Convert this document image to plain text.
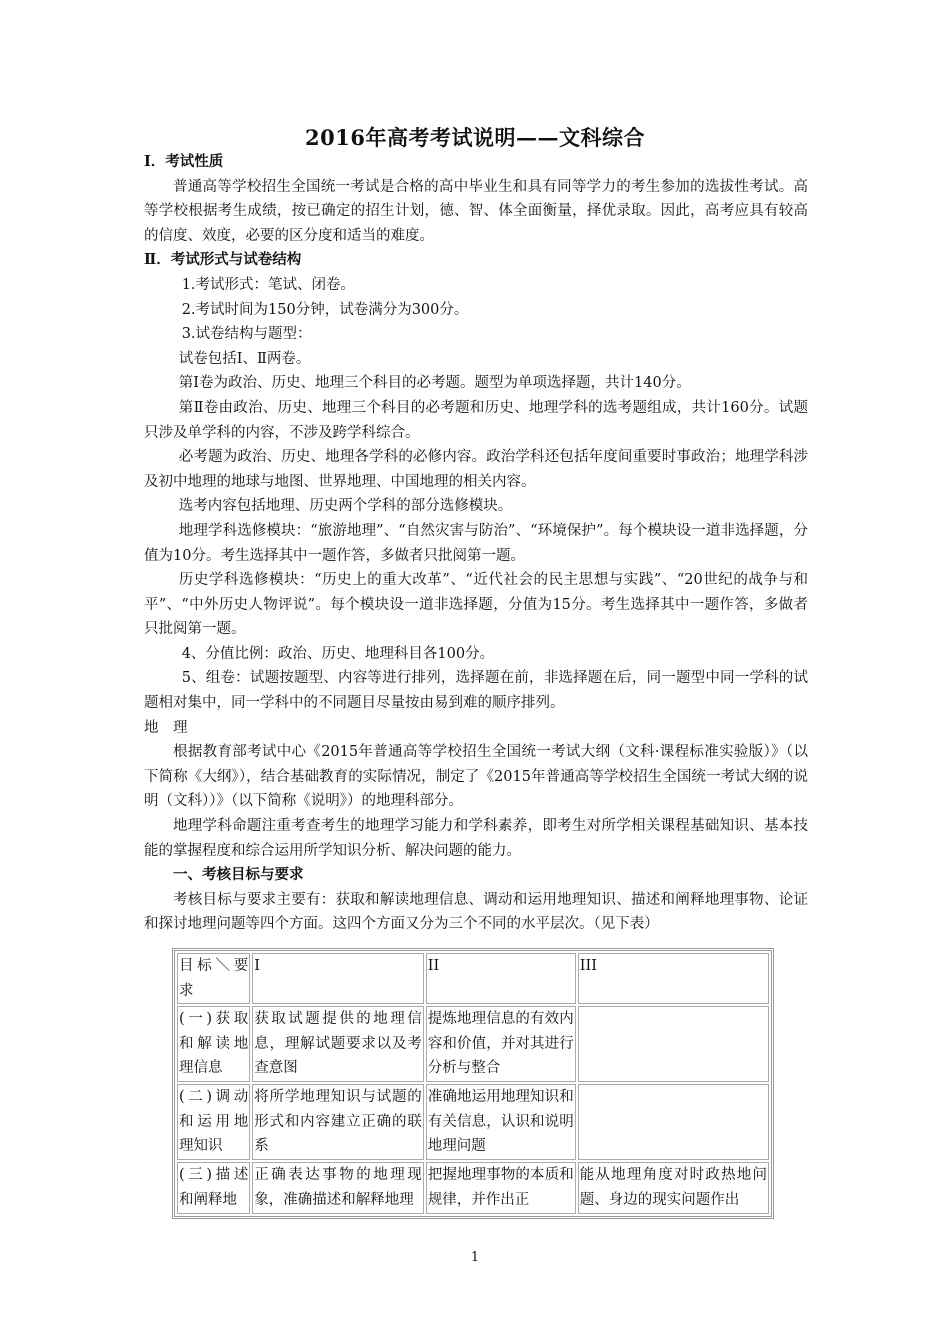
2016年高考考试说明——文科综合

Ⅰ．考试性质

普通高等学校招生全国统一考试是合格的高中毕业生和具有同等学力的考生参加的选拔性考试。高等学校根据考生成绩，按已确定的招生计划，德、智、体全面衡量，择优录取。因此，高考应具有较高的信度、效度，必要的区分度和适当的难度。

Ⅱ．考试形式与试卷结构

1.考试形式：笔试、闭卷。

2.考试时间为150分钟，试卷满分为300分。

3.试卷结构与题型：

试卷包括Ⅰ、Ⅱ两卷。

第Ⅰ卷为政治、历史、地理三个科目的必考题。题型为单项选择题，共计140分。

第Ⅱ卷由政治、历史、地理三个科目的必考题和历史、地理学科的选考题组成，共计160分。试题只涉及单学科的内容，不涉及跨学科综合。

必考题为政治、历史、地理各学科的必修内容。政治学科还包括年度间重要时事政治；地理学科涉及初中地理的地球与地图、世界地理、中国地理的相关内容。

选考内容包括地理、历史两个学科的部分选修模块。

地理学科选修模块：“旅游地理”、“自然灾害与防治”、“环境保护”。每个模块设一道非选择题，分值为10分。考生选择其中一题作答，多做者只批阅第一题。

历史学科选修模块：“历史上的重大改革”、“近代社会的民主思想与实践”、“20世纪的战争与和平”、“中外历史人物评说”。每个模块设一道非选择题，分值为15分。考生选择其中一题作答，多做者只批阅第一题。

4、分值比例：政治、历史、地理科目各100分。

5、组卷：试题按题型、内容等进行排列，选择题在前，非选择题在后，同一题型中同一学科的试题相对集中，同一学科中的不同题目尽量按由易到难的顺序排列。

地　理

根据教育部考试中心《2015年普通高等学校招生全国统一考试大纲（文科·课程标准实验版）》（以下简称《大纲》），结合基础教育的实际情况，制定了《2015年普通高等学校招生全国统一考试大纲的说明（文科））》（以下简称《说明》）的地理科部分。

地理学科命题注重考查考生的地理学习能力和学科素养，即考生对所学相关课程基础知识、基本技能的掌握程度和综合运用所学知识分析、解决问题的能力。

一、考核目标与要求

考核目标与要求主要有：获取和解读地理信息、调动和运用地理知识、描述和阐释地理事物、论证和探讨地理问题等四个方面。这四个方面又分为三个不同的水平层次。（见下表）

目标＼要求	I	II	III
(一)获取和解读地理信息	获取试题提供的地理信息，理解试题要求以及考查意图	提炼地理信息的有效内容和价值，并对其进行分析与整合	
(二)调动和运用地理知识	将所学地理知识与试题的形式和内容建立正确的联系	准确地运用地理知识和有关信息，认识和说明地理问题	
(三)描述和阐释地	正确表达事物的地理现象，准确描述和解释地理	把握地理事物的本质和规律，并作出正	能从地理角度对时政热地问题、身边的现实问题作出
1
